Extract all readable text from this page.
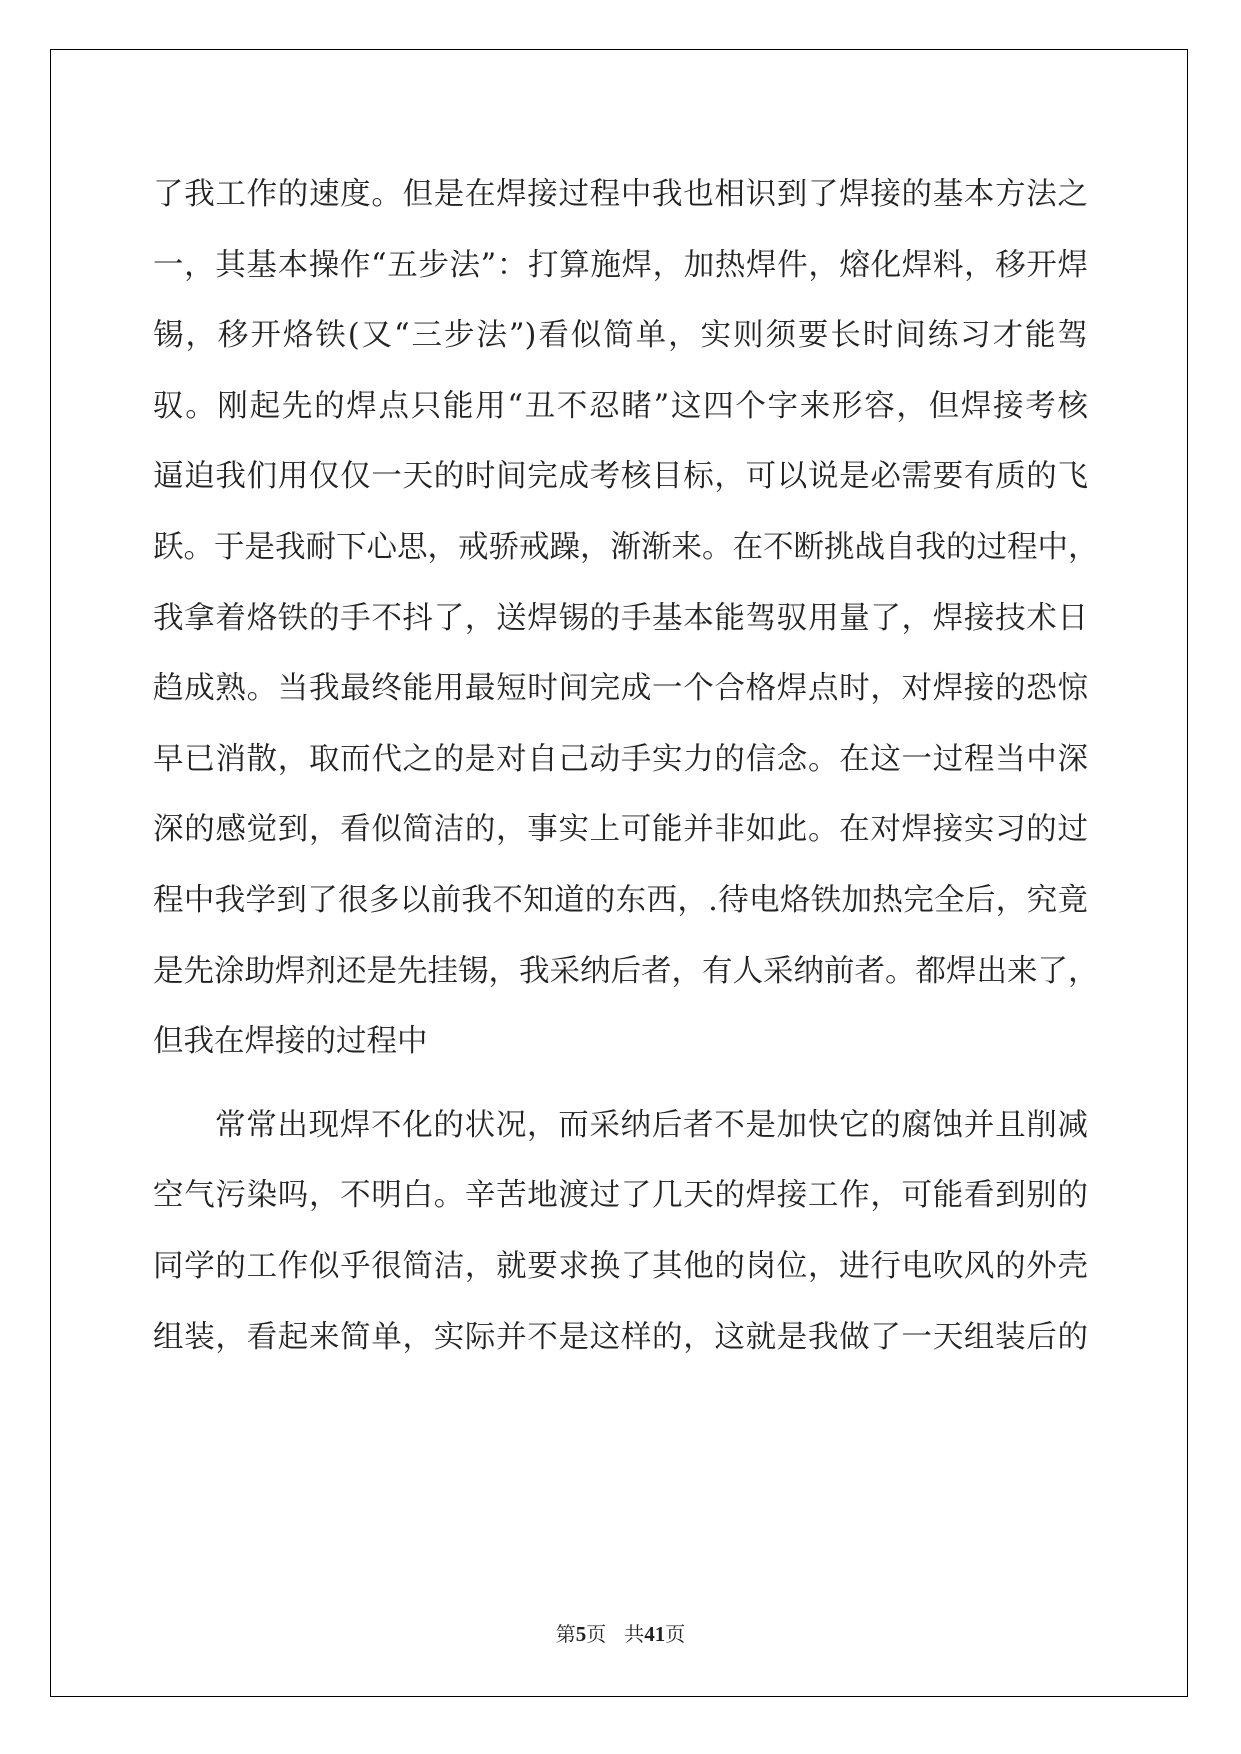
了我工作的速度。但是在焊接过程中我也相识到了焊接的基本方法之
一，其基本操作“五步法”：打算施焊，加热焊件，熔化焊料，移开焊
锡，移开烙铁(又“三步法”)看似简单，实则须要长时间练习才能驾
驭。刚起先的焊点只能用“丑不忍睹”这四个字来形容，但焊接考核
逼迫我们用仅仅一天的时间完成考核目标，可以说是必需要有质的飞
跃。于是我耐下心思，戒骄戒躁，渐渐来。在不断挑战自我的过程中，
我拿着烙铁的手不抖了，送焊锡的手基本能驾驭用量了，焊接技术日
趋成熟。当我最终能用最短时间完成一个合格焊点时，对焊接的恐惊
早已消散，取而代之的是对自己动手实力的信念。在这一过程当中深
深的感觉到，看似简洁的，事实上可能并非如此。在对焊接实习的过
程中我学到了很多以前我不知道的东西，.待电烙铁加热完全后，究竟
是先涂助焊剂还是先挂锡，我采纳后者，有人采纳前者。都焊出来了，
但我在焊接的过程中
常常出现焊不化的状况，而采纳后者不是加快它的腐蚀并且削减
空气污染吗，不明白。辛苦地渡过了几天的焊接工作，可能看到别的
同学的工作似乎很简洁，就要求换了其他的岗位，进行电吹风的外壳
组装，看起来简单，实际并不是这样的，这就是我做了一天组装后的
第5页 共41页
